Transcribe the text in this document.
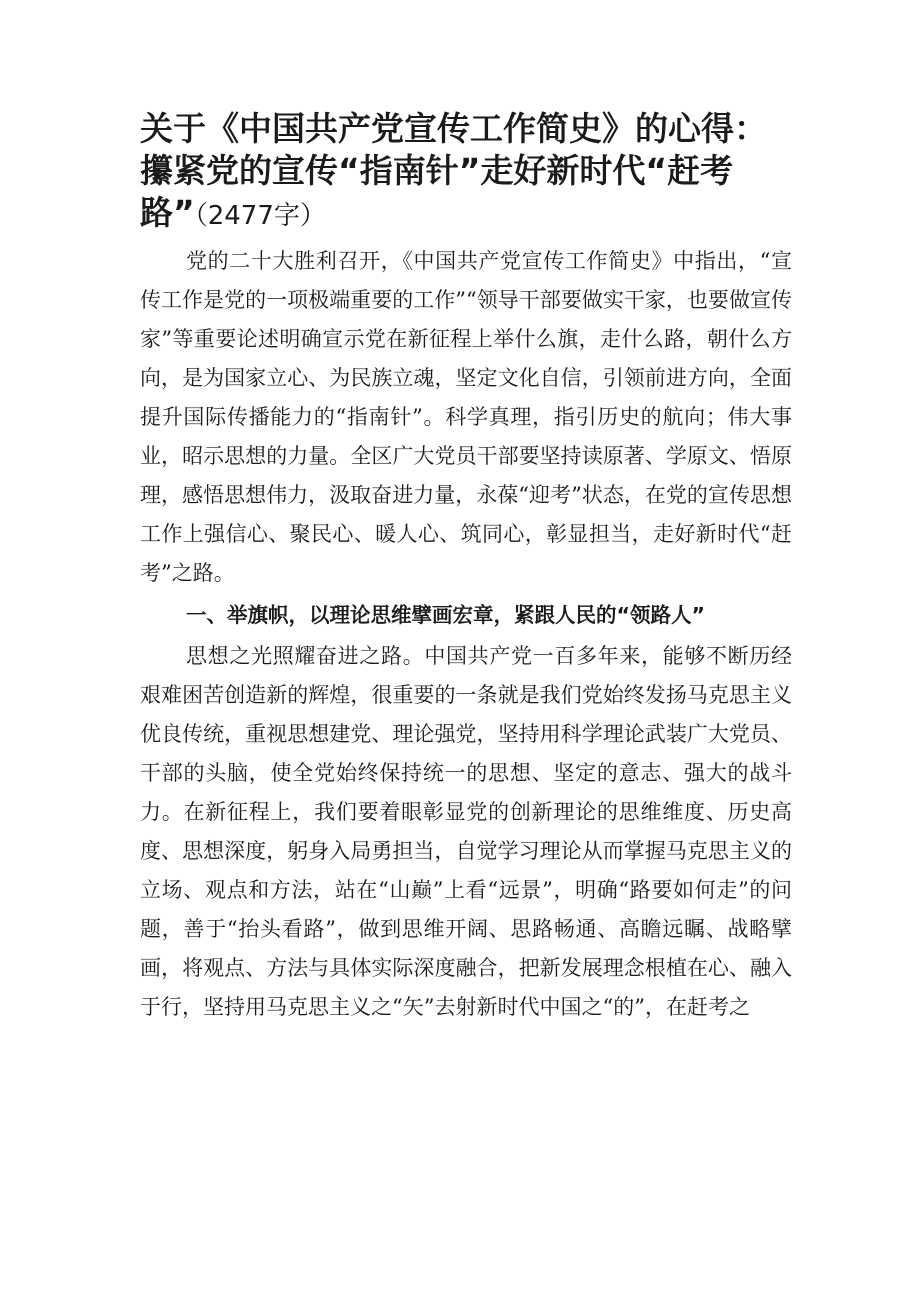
关于《中国共产党宣传工作简史》的心得：
攥紧党的宣传“指南针”走好新时代“赶考
路”（2477字）

党的二十大胜利召开，《中国共产党宣传工作简史》中指出，“宣传工作是党的一项极端重要的工作”“领导干部要做实干家，也要做宣传家”等重要论述明确宣示党在新征程上举什么旗，走什么路，朝什么方向，是为国家立心、为民族立魂，坚定文化自信，引领前进方向，全面提升国际传播能力的“指南针”。科学真理，指引历史的航向；伟大事业，昭示思想的力量。全区广大党员干部要坚持读原著、学原文、悟原理，感悟思想伟力，汲取奋进力量，永葆“迎考”状态，在党的宣传思想工作上强信心、聚民心、暖人心、筑同心，彰显担当，走好新时代“赶考”之路。

一、举旗帜，以理论思维擘画宏章，紧跟人民的“领路人”

思想之光照耀奋进之路。中国共产党一百多年来，能够不断历经艰难困苦创造新的辉煌，很重要的一条就是我们党始终发扬马克思主义优良传统，重视思想建党、理论强党，坚持用科学理论武装广大党员、干部的头脑，使全党始终保持统一的思想、坚定的意志、强大的战斗力。在新征程上，我们要着眼彰显党的创新理论的思维维度、历史高度、思想深度，躬身入局勇担当，自觉学习理论从而掌握马克思主义的立场、观点和方法，站在“山巅”上看“远景”，明确“路要如何走”的问题，善于“抬头看路”，做到思维开阔、思路畅通、高瞻远瞩、战略擘画，将观点、方法与具体实际深度融合，把新发展理念根植在心、融入于行，坚持用马克思主义之“矢”去射新时代中国之“的”，在赶考之
